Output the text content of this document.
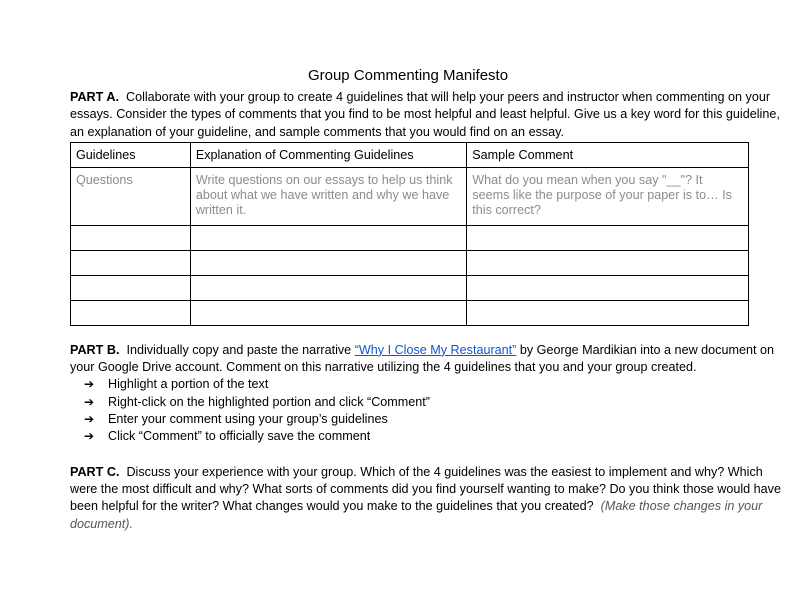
Group Commenting Manifesto

PART A. Collaborate with your group to create 4 guidelines that will help your peers and instructor when commenting on your essays. Consider the types of comments that you find to be most helpful and least helpful. Give us a key word for this guideline, an explanation of your guideline, and sample comments that you would find on an essay.

Guidelines	Explanation of Commenting Guidelines	Sample Comment
Questions	Write questions on our essays to help us think about what we have written and why we have written it.	What do you mean when you say "__"? It seems like the purpose of your paper is to… Is this correct?

PART B. Individually copy and paste the narrative “Why I Close My Restaurant” by George Mardikian into a new document on your Google Drive account. Comment on this narrative utilizing the 4 guidelines that you and your group created.

➔	Highlight a portion of the text
➔	Right-click on the highlighted portion and click “Comment”
➔	Enter your comment using your group’s guidelines
➔	Click “Comment” to officially save the comment

PART C. Discuss your experience with your group. Which of the 4 guidelines was the easiest to implement and why? Which were the most difficult and why? What sorts of comments did you find yourself wanting to make? Do you think those would have been helpful for the writer? What changes would you make to the guidelines that you created? (Make those changes in your document).
